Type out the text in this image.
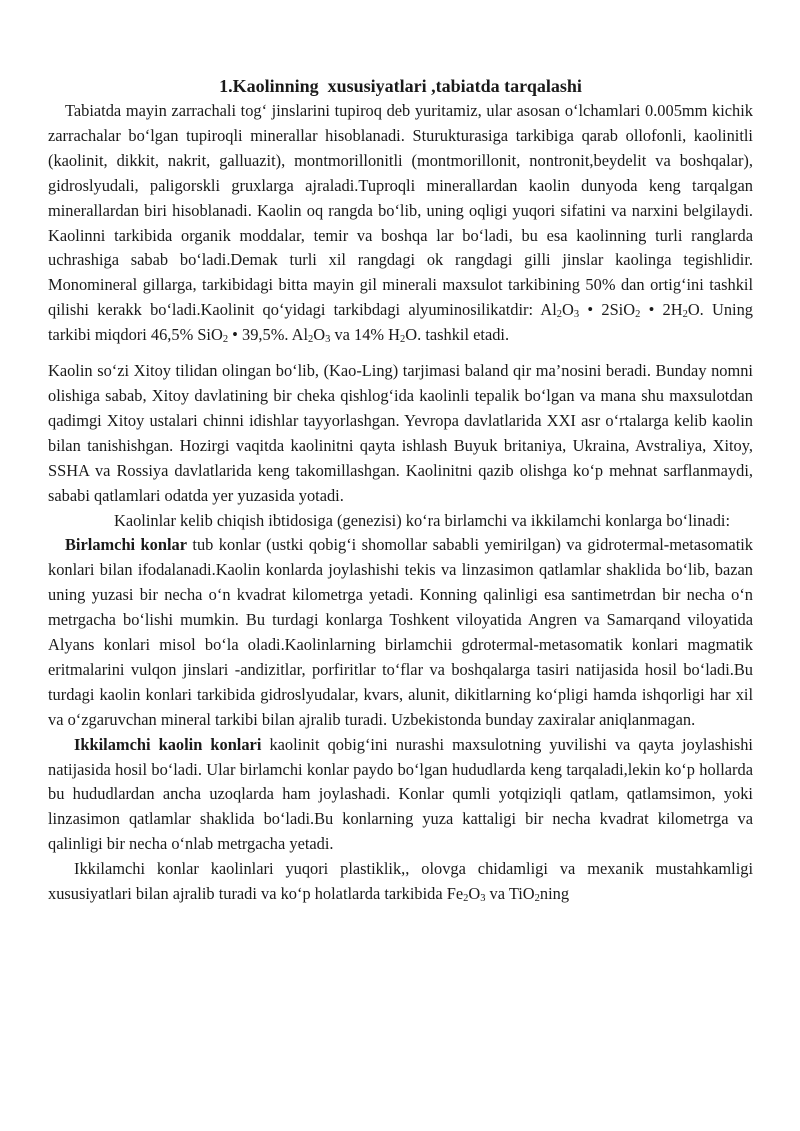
1.Kaolinning  xususiyatlari ,tabiatda tarqalashi

Tabiatda mayin zarrachali tog‘ jinslarini tupiroq deb yuritamiz, ular asosan o‘lchamlari 0.005mm kichik zarrachalar bo‘lgan tupiroqli minerallar hisoblanadi. Sturukturasiga tarkibiga qarab ollofonli, kaolinitli (kaolinit, dikkit, nakrit, galluazit), montmorillonitli (montmorillonit, nontronit,beydelit va boshqalar), gidroslyudali, paligorskli gruxlarga ajraladi.Tuproqli minerallardan kaolin dunyoda keng tarqalgan minerallardan biri hisoblanadi. Kaolin oq rangda bo‘lib, uning oqligi yuqori sifatini va narxini belgilaydi. Kaolinni tarkibida organik moddalar, temir va boshqa lar bo‘ladi, bu esa kaolinning turli ranglarda uchrashiga sabab bo‘ladi.Demak turli xil rangdagi ok rangdagi gilli jinslar kaolinga tegishlidir. Monomineral gillarga, tarkibidagi bitta mayin gil minerali maxsulot tarkibining 50% dan ortig‘ini tashkil qilishi kerakk bo‘ladi.Kaolinit qo‘yidagi tarkibdagi alyuminosilikatdir: $Al_2O_3$ • 2SiO$_2$ • $2H_2O$. Uning tarkibi miqdori 46,5% SiO$_2$ • 39,5%. $Al_2O_3$ va 14% $H_2O$. tashkil etadi.

Kaolin so‘zi Xitoy tilidan olingan bo‘lib, (Kao-Ling) tarjimasi baland qir ma’nosini beradi. Bunday nomni olishiga sabab, Xitoy davlatining bir cheka qishlog‘ida kaolinli tepalik bo‘lgan va mana shu maxsulotdan qadimgi Xitoy ustalari chinni idishlar tayyorlashgan. Yevropa davlatlarida XXI asr o‘rtalarga kelib kaolin bilan tanishishgan. Hozirgi vaqitda kaolinitni qayta ishlash Buyuk britaniya, Ukraina, Avstraliya, Xitoy, SSHA va Rossiya davlatlarida keng takomillashgan. Kaolinitni qazib olishga ko‘p mehnat sarflanmaydi, sababi qatlamlari odatda yer yuzasida yotadi.

Kaolinlar kelib chiqish ibtidosiga (genezisi) ko‘ra birlamchi va ikkilamchi konlarga bo‘linadi:

Birlamchi konlar tub konlar (ustki qobig‘i shomollar sababli yemirilgan) va gidrotermal-metasomatik konlari bilan ifodalanadi.Kaolin konlarda joylashishi tekis va linzasimon qatlamlar shaklida bo‘lib, bazan uning yuzasi bir necha o‘n kvadrat kilometrga yetadi. Konning qalinligi esa santimetrdan bir necha o‘n metrgacha bo‘lishi mumkin. Bu turdagi konlarga Toshkent viloyatida Angren va Samarqand viloyatida Alyans konlari misol bo‘la oladi.Kaolinlarning birlamchii gdrotermal-metasomatik konlari magmatik eritmalarini vulqon jinslari -andizitlar, porfiritlar to‘flar va boshqalarga tasiri natijasida hosil bo‘ladi.Bu turdagi kaolin konlari tarkibida gidroslyudalar, kvars, alunit, dikitlarning ko‘pligi hamda ishqorligi har xil va o‘zgaruvchan mineral tarkibi bilan ajralib turadi. Uzbekistonda bunday zaxiralar aniqlanmagan.

Ikkilamchi kaolin konlari kaolinit qobig‘ini nurashi maxsulotning yuvilishi va qayta joylashishi natijasida hosil bo‘ladi. Ular birlamchi konlar paydo bo‘lgan hududlarda keng tarqaladi,lekin ko‘p hollarda bu hududlardan ancha uzoqlarda ham joylashadi. Konlar qumli yotqiziqli qatlam, qatlamsimon, yoki linzasimon qatlamlar shaklida bo‘ladi.Bu konlarning yuza kattaligi bir necha kvadrat kilometrga va qalinligi bir necha o‘nlab metrgacha yetadi.

Ikkilamchi konlar kaolinlari yuqori plastiklik,, olovga chidamligi va mexanik mustahkamligi xususiyatlari bilan ajralib turadi va ko‘p holatlarda tarkibida $Fe_2O_3$ va TiO$_2$ning
